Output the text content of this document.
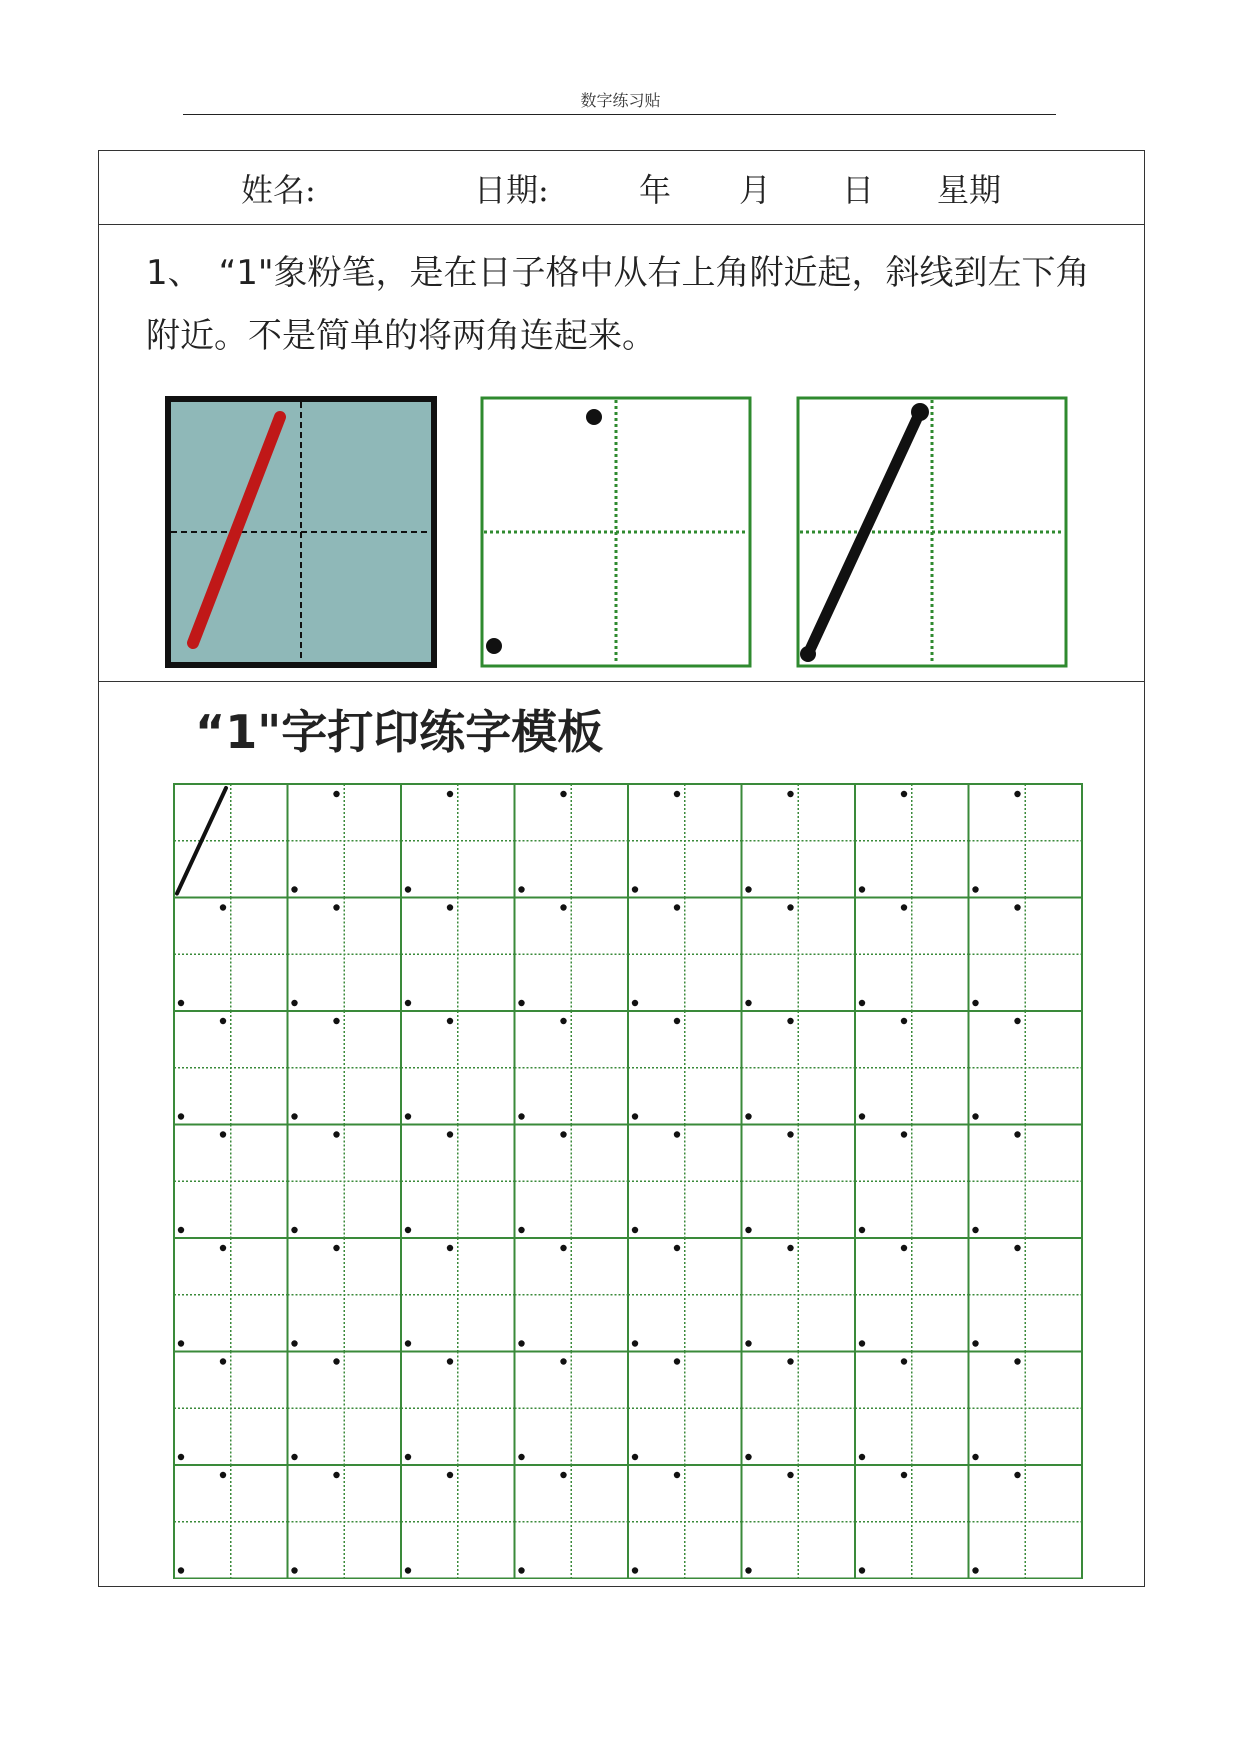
数字练习贴
姓名:	日期:	年 月 日 星期

1、　“1"象粉笔，是在日子格中从右上角附近起，斜线到左下角附近。不是简单的将两角连起来。

“1"字打印练字模板
